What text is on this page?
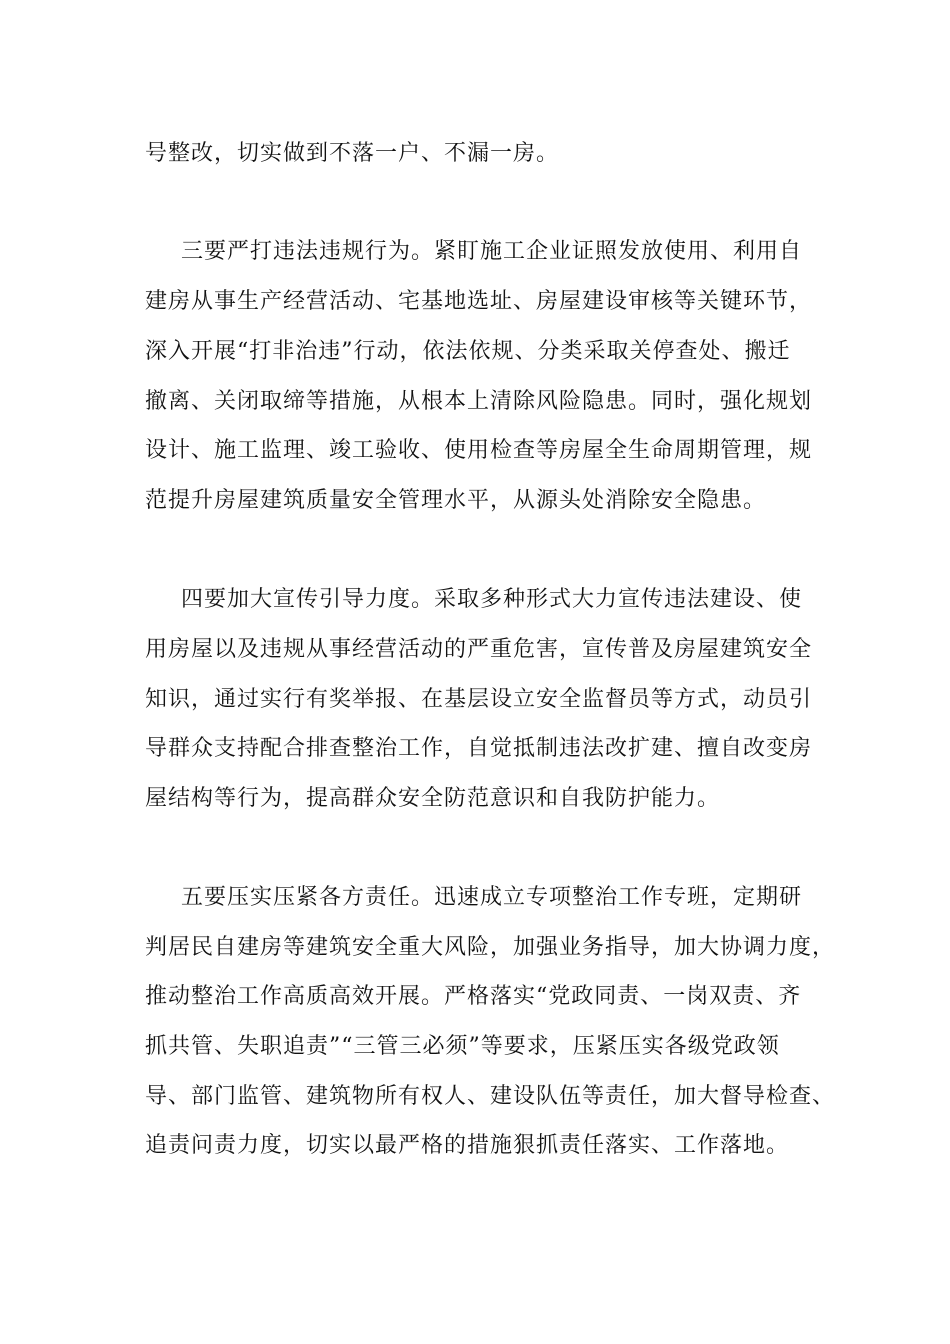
号整改，切实做到不落一户、不漏一房。
三要严打违法违规行为。紧盯施工企业证照发放使用、利用自
建房从事生产经营活动、宅基地选址、房屋建设审核等关键环节，
深入开展“打非治违”行动，依法依规、分类采取关停查处、搬迁
撤离、关闭取缔等措施，从根本上清除风险隐患。同时，强化规划
设计、施工监理、竣工验收、使用检查等房屋全生命周期管理，规
范提升房屋建筑质量安全管理水平，从源头处消除安全隐患。
四要加大宣传引导力度。采取多种形式大力宣传违法建设、使
用房屋以及违规从事经营活动的严重危害，宣传普及房屋建筑安全
知识，通过实行有奖举报、在基层设立安全监督员等方式，动员引
导群众支持配合排查整治工作，自觉抵制违法改扩建、擅自改变房
屋结构等行为，提高群众安全防范意识和自我防护能力。
五要压实压紧各方责任。迅速成立专项整治工作专班，定期研
判居民自建房等建筑安全重大风险，加强业务指导，加大协调力度，
推动整治工作高质高效开展。严格落实“党政同责、一岗双责、齐
抓共管、失职追责”“三管三必须”等要求，压紧压实各级党政领
导、部门监管、建筑物所有权人、建设队伍等责任，加大督导检查、
追责问责力度，切实以最严格的措施狠抓责任落实、工作落地。
